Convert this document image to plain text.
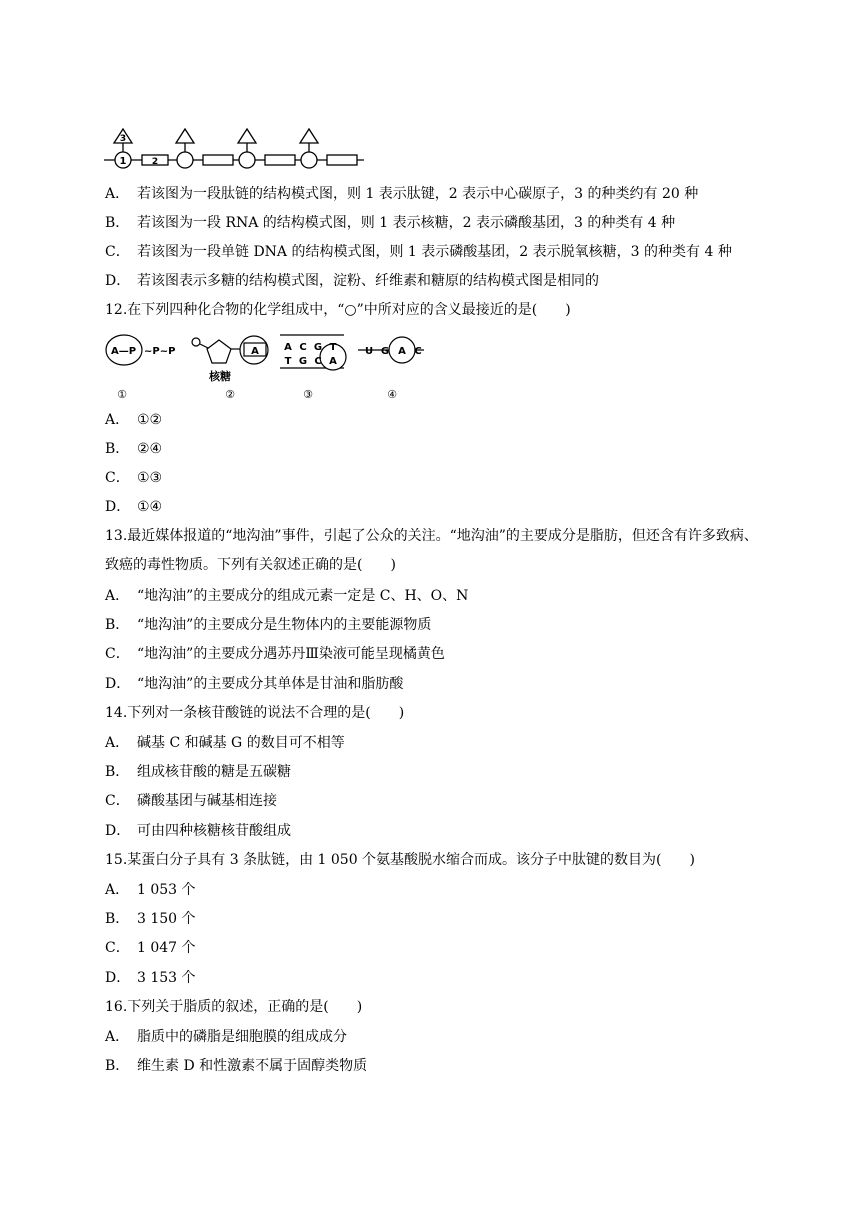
3
1	2
A． 若该图为一段肽链的结构模式图，则 1 表示肽键，2 表示中心碳原子，3 的种类约有 20 种
B． 若该图为一段 RNA 的结构模式图，则 1 表示核糖，2 表示磷酸基团，3 的种类有 4 种
C． 若该图为一段单链 DNA 的结构模式图，则 1 表示磷酸基团，2 表示脱氧核糖，3 的种类有 4 种
D． 若该图表示多糖的结构模式图，淀粉、纤维素和糖原的结构模式图是相同的
12.在下列四种化合物的化学组成中，“○”中所对应的含义最接近的是(　　)
A—P ~P~P	A
核糖
A C G T
T G C A
U G A C
①	②	③	④
A． ①②
B． ②④
C． ①③
D． ①④
13.最近媒体报道的“地沟油”事件，引起了公众的关注。“地沟油”的主要成分是脂肪，但还含有许多致病、致癌的毒性物质。下列有关叙述正确的是(　　)
A． “地沟油”的主要成分的组成元素一定是 C、H、O、N
B． “地沟油”的主要成分是生物体内的主要能源物质
C． “地沟油”的主要成分遇苏丹Ⅲ染液可能呈现橘黄色
D． “地沟油”的主要成分其单体是甘油和脂肪酸
14.下列对一条核苷酸链的说法不合理的是(　　)
A． 碱基 C 和碱基 G 的数目可不相等
B． 组成核苷酸的糖是五碳糖
C． 磷酸基团与碱基相连接
D． 可由四种核糖核苷酸组成
15.某蛋白分子具有 3 条肽链，由 1 050 个氨基酸脱水缩合而成。该分子中肽键的数目为(　　)
A． 1 053 个
B． 3 150 个
C． 1 047 个
D． 3 153 个
16.下列关于脂质的叙述，正确的是(　　)
A． 脂质中的磷脂是细胞膜的组成成分
B． 维生素 D 和性激素不属于固醇类物质
